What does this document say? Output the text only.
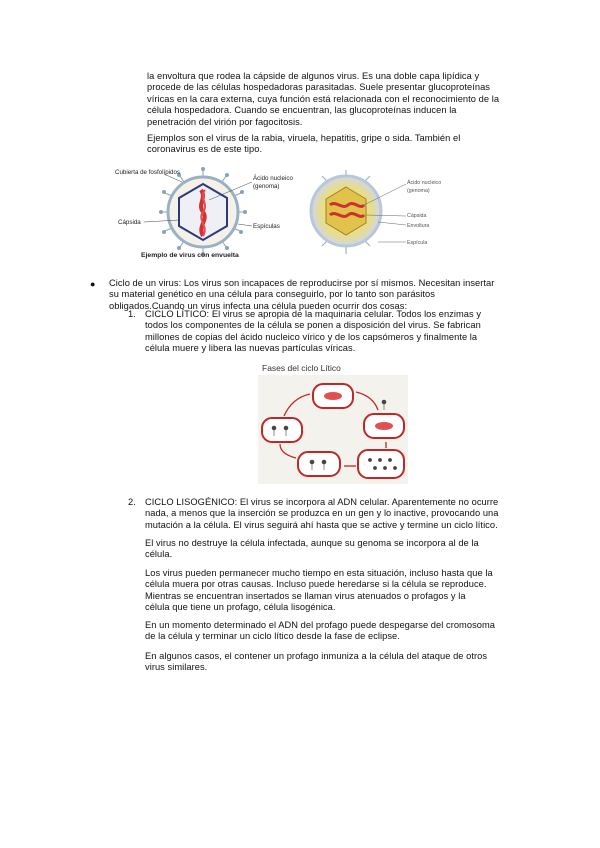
la envoltura que rodea la cápside de algunos virus. Es una doble capa lipídica y
procede de las células hospedadoras parasitadas. Suele presentar glucoproteínas
víricas en la cara externa, cuya función está relacionada con el reconocimiento de la
célula hospedadora. Cuando se encuentran, las glucoproteínas inducen la
penetración del virión por fagocitosis.

Ejemplos son el virus de la rabia, viruela, hepatitis, gripe o sida. También el
coronavirus es de este tipo.

Cubierta de fosfolípidos
Ácido nucleico
(genoma)
Cápsida
Espículas
Ejemplo de virus con envuelta
Ácido nucleico
(genoma)
Cápsida
Envoltura
Espícula
● Ciclo de un virus: Los virus son incapaces de reproducirse por sí mismos. Necesitan insertar
su material genético en una célula para conseguirlo, por lo tanto son parásitos
obligados.Cuando un virus infecta una célula pueden ocurrir dos cosas:

1. CICLO LÍTICO: El virus se apropia de la maquinaria celular. Todos los enzimas y
todos los componentes de la célula se ponen a disposición del virus. Se fabrican
millones de copias del ácido nucleico vírico y de los capsómeros y finalmente la
célula muere y libera las nuevas partículas víricas.

Fases del ciclo Lítico
2. CICLO LISOGÉNICO: El virus se incorpora al ADN celular. Aparentemente no ocurre
nada, a menos que la inserción se produzca en un gen y lo inactive, provocando una
mutación a la célula. El virus seguirá ahí hasta que se active y termine un ciclo lítico.

El virus no destruye la célula infectada, aunque su genoma se incorpora al de la
célula.

Los virus pueden permanecer mucho tiempo en esta situación, incluso hasta que la
célula muera por otras causas. Incluso puede heredarse si la célula se reproduce.
Mientras se encuentran insertados se llaman virus atenuados o profagos y la
célula que tiene un profago, célula lisogénica.

En un momento determinado el ADN del profago puede despegarse del cromosoma
de la célula y terminar un ciclo lítico desde la fase de eclipse.

En algunos casos, el contener un profago inmuniza a la célula del ataque de otros
virus similares.
